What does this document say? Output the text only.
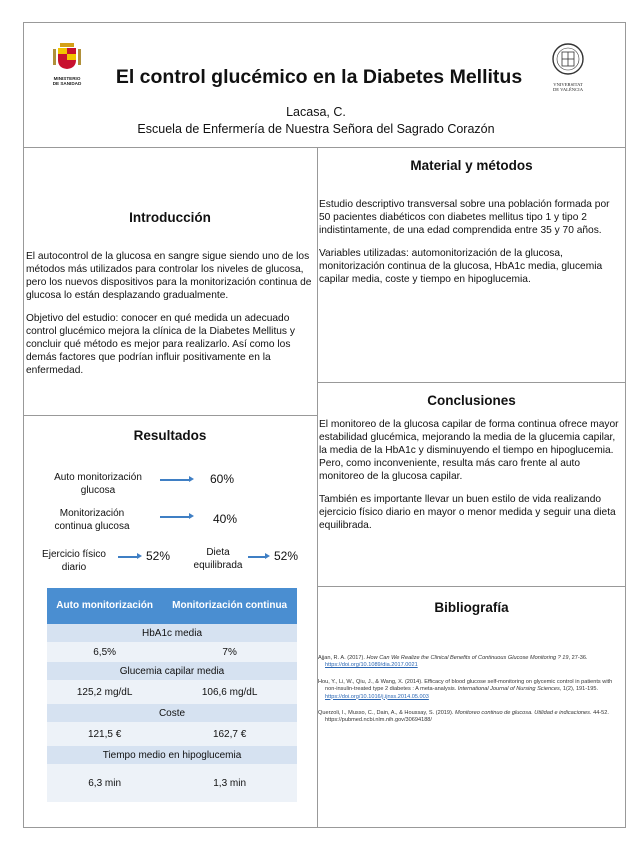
MINISTERIO
DE SANIDAD	VNIVERSITAT
DE VALÈNCIA
El control glucémico en la Diabetes Mellitus
Lacasa, C.
Escuela de Enfermería de Nuestra Señora del Sagrado Corazón
Introducción

El autocontrol de la glucosa en sangre sigue siendo uno de los métodos más utilizados para controlar los niveles de glucosa, pero los nuevos dispositivos para la monitorización continua de glucosa lo están desplazando gradualmente.

Objetivo del estudio: conocer en qué medida un adecuado control glucémico mejora la clínica de la Diabetes Mellitus y concluir qué método es mejor para realizarlo. Así como los demás factores que podrían influir positivamente en la enfermedad.

Material y métodos

Estudio descriptivo transversal sobre una población formada por 50 pacientes diabéticos con diabetes mellitus tipo 1 y tipo 2 indistintamente, de una edad comprendida entre 35 y 70 años.

Variables utilizadas: automonitorización de la glucosa, monitorización continua de la glucosa, HbA1c media, glucemia capilar media, coste y tiempo en hipoglucemia.

Resultados
Auto monitorización glucosa
60%
Monitorización continua glucosa
40%
Ejercicio físico diario
52%	Dieta equilibrada
52%
Auto monitorización	Monitorización continua
HbA1c media	
6,5%	7%
Glucemia capilar media	
125,2 mg/dL	106,6 mg/dL
Coste	
121,5 €	162,7 €
Tiempo medio en hipoglucemia	
6,3 min	1,3 min
Conclusiones

El monitoreo de la glucosa capilar de forma continua ofrece mayor estabilidad glucémica, mejorando la media de la glucemia capilar, la media de la HbA1c y disminuyendo el tiempo en hipoglucemia. Pero, como inconveniente, resulta más caro frente al auto monitoreo de la glucosa capilar.

También es importante llevar un buen estilo de vida realizando ejercicio físico diario en mayor o menor medida y seguir una dieta equilibrada.

Bibliografía

Ajjan, R. A. (2017). How Can We Realize the Clinical Benefits of Continuous Glucose Monitoring ? 19, 27-36. https://doi.org/10.1089/dia.2017.0021

Hou, Y., Li, W., Qiu, J., & Wang, X. (2014). Efficacy of blood glucose self-monitoring on glycemic control in patients with non-insulin-treated type 2 diabetes : A meta-analysis. International Journal of Nursing Sciences, 1(2), 191-195. https://doi.org/10.1016/j.ijnss.2014.05.003

Querzoli, I., Musso, C., Dain, A., & Houssay, S. (2019). Monitoreo continuo de glucosa. Utilidad e indicaciones. 44-52. https://pubmed.ncbi.nlm.nih.gov/30694188/
